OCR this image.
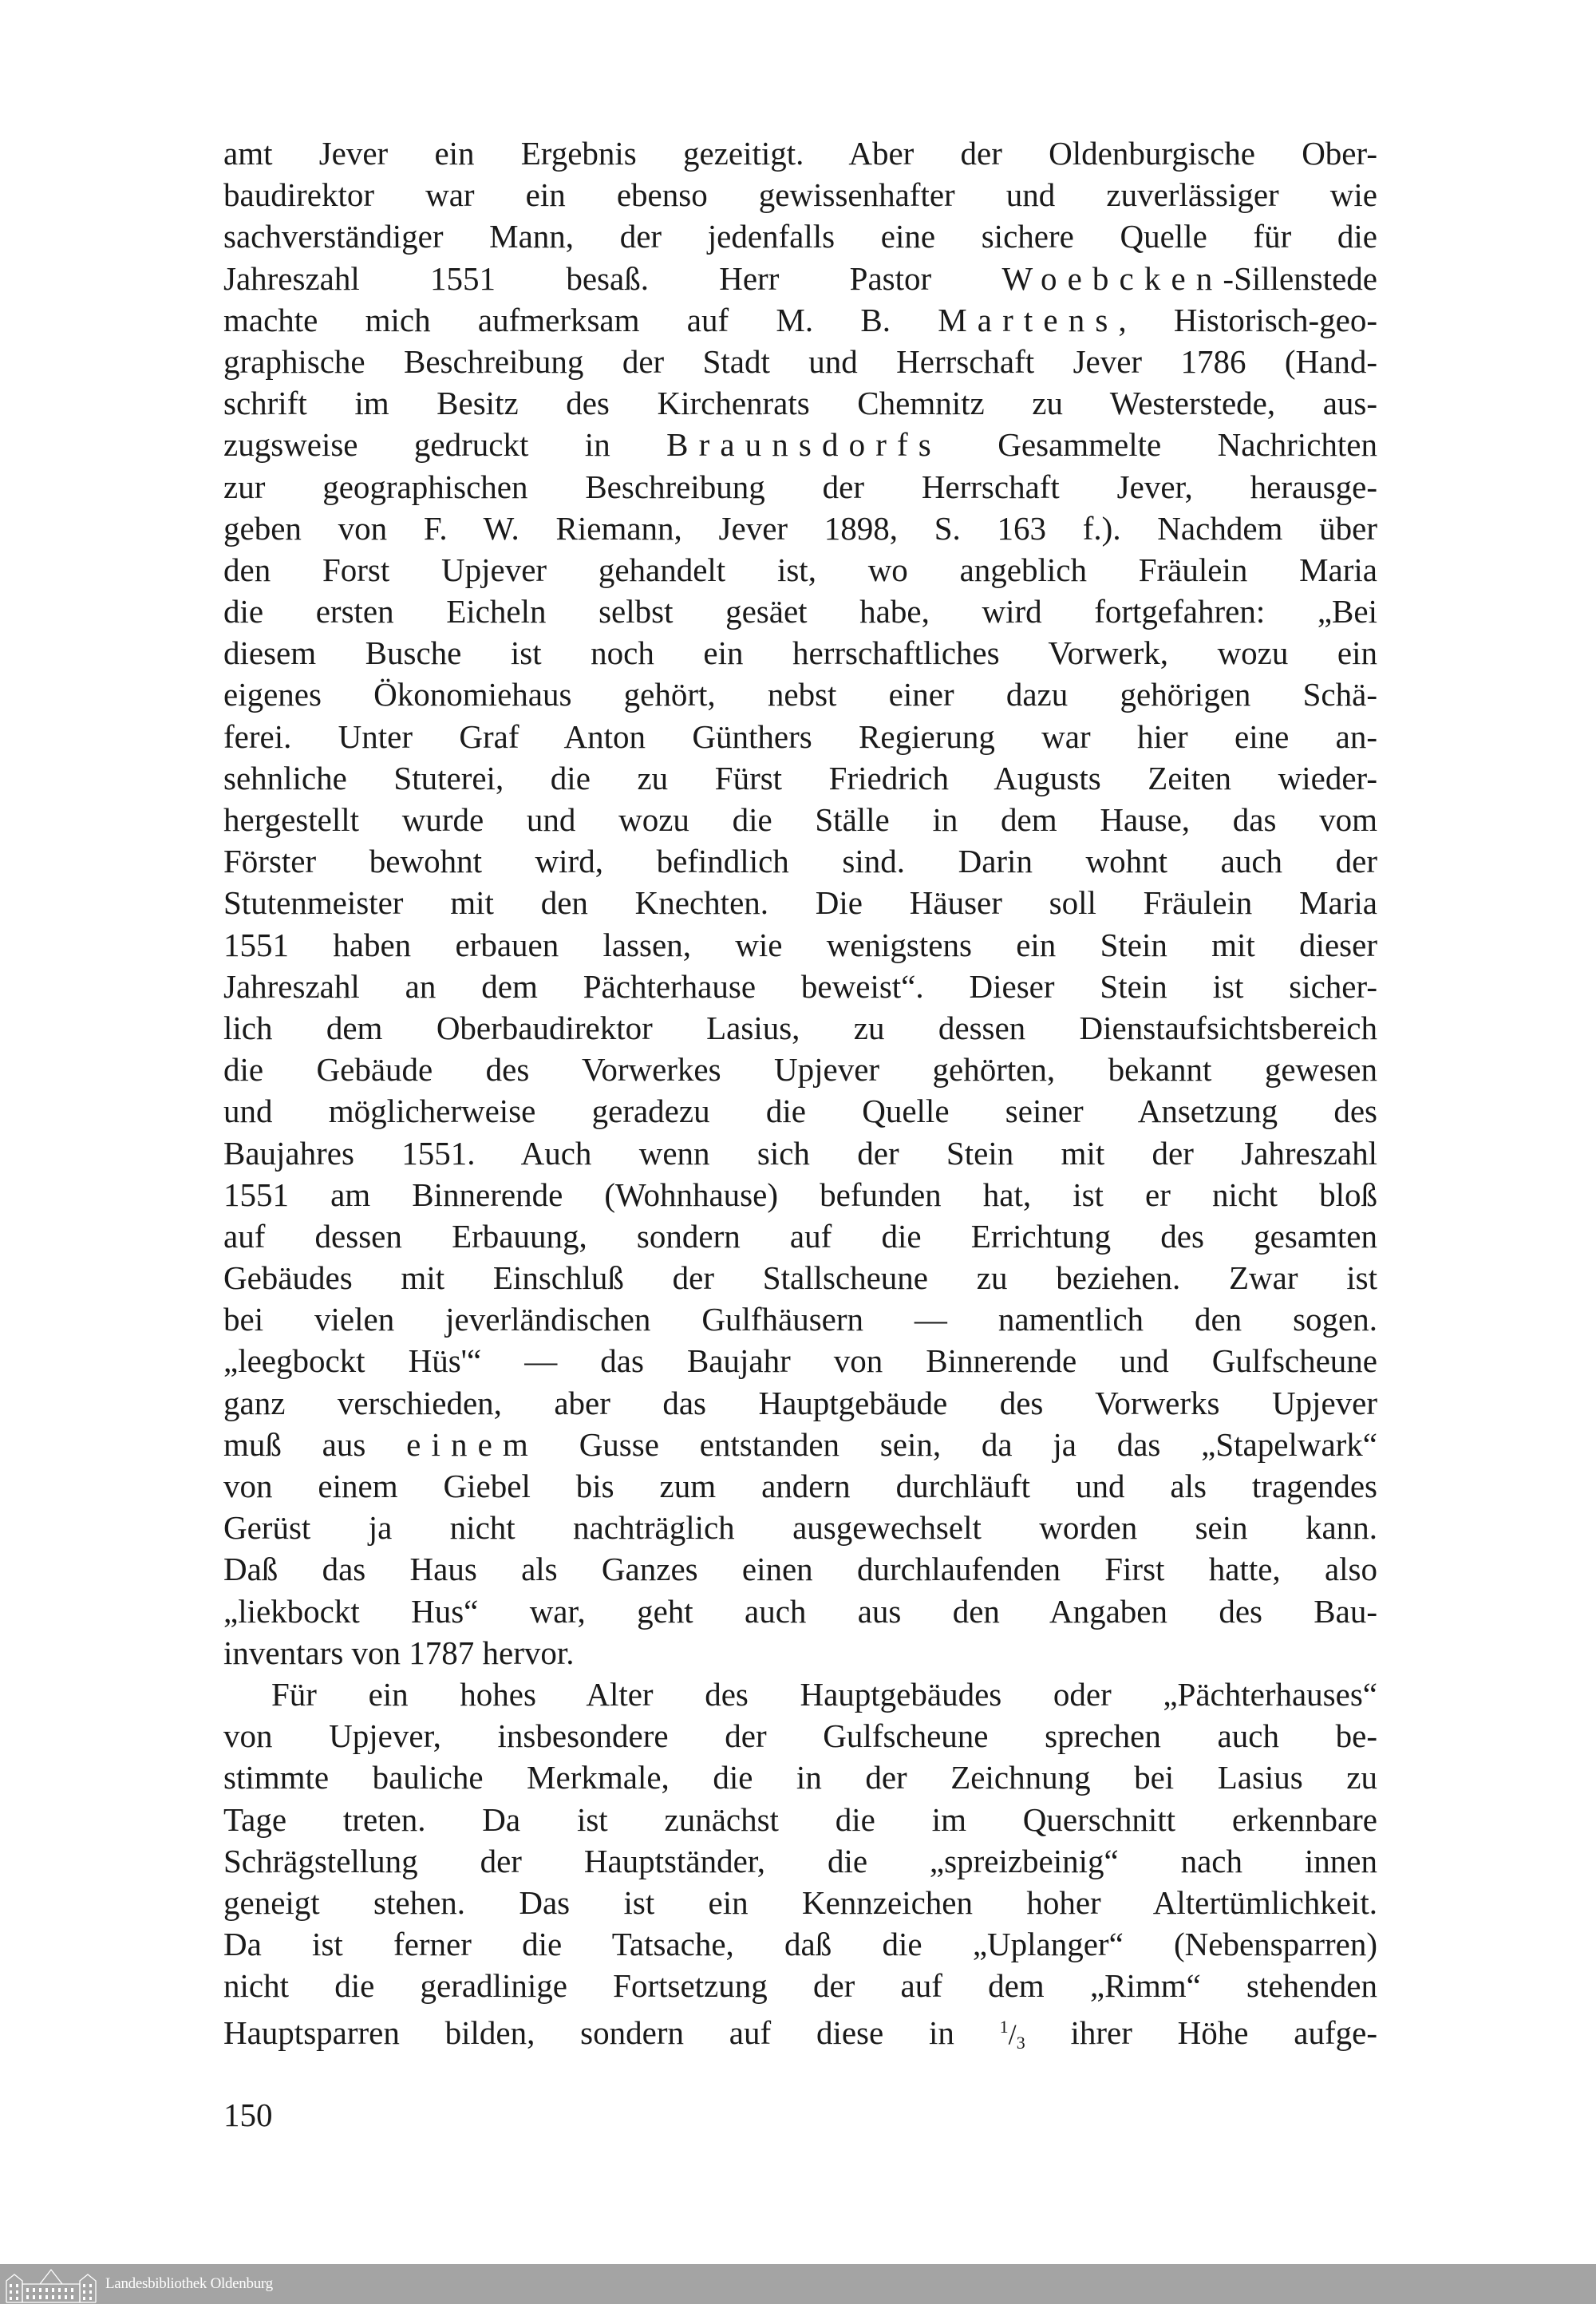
amt Jever ein Ergebnis gezeitigt. Aber der Oldenburgische Ober-
baudirektor war ein ebenso gewissenhafter und zuverlässiger wie
sachverständiger Mann, der jedenfalls eine sichere Quelle für die
Jahreszahl 1551 besaß. Herr Pastor Woebcken-Sillenstede
machte mich aufmerksam auf M. B. Martens, Historisch-geo-
graphische Beschreibung der Stadt und Herrschaft Jever 1786 (Hand-
schrift im Besitz des Kirchenrats Chemnitz zu Westerstede, aus-
zugsweise gedruckt in Braunsdorfs Gesammelte Nachrichten
zur geographischen Beschreibung der Herrschaft Jever, herausge-
geben von F. W. Riemann, Jever 1898, S. 163 f.). Nachdem über
den Forst Upjever gehandelt ist, wo angeblich Fräulein Maria
die ersten Eicheln selbst gesäet habe, wird fortgefahren: „Bei
diesem Busche ist noch ein herrschaftliches Vorwerk, wozu ein
eigenes Ökonomiehaus gehört, nebst einer dazu gehörigen Schä-
ferei. Unter Graf Anton Günthers Regierung war hier eine an-
sehnliche Stuterei, die zu Fürst Friedrich Augusts Zeiten wieder-
hergestellt wurde und wozu die Ställe in dem Hause, das vom
Förster bewohnt wird, befindlich sind. Darin wohnt auch der
Stutenmeister mit den Knechten. Die Häuser soll Fräulein Maria
1551 haben erbauen lassen, wie wenigstens ein Stein mit dieser
Jahreszahl an dem Pächterhause beweist“. Dieser Stein ist sicher-
lich dem Oberbaudirektor Lasius, zu dessen Dienstaufsichtsbereich
die Gebäude des Vorwerkes Upjever gehörten, bekannt gewesen
und möglicherweise geradezu die Quelle seiner Ansetzung des
Baujahres 1551. Auch wenn sich der Stein mit der Jahreszahl
1551 am Binnerende (Wohnhause) befunden hat, ist er nicht bloß
auf dessen Erbauung, sondern auf die Errichtung des gesamten
Gebäudes mit Einschluß der Stallscheune zu beziehen. Zwar ist
bei vielen jeverländischen Gulfhäusern — namentlich den sogen.
„leegbockt Hüs'“ — das Baujahr von Binnerende und Gulfscheune
ganz verschieden, aber das Hauptgebäude des Vorwerks Upjever
muß aus einem Gusse entstanden sein, da ja das „Stapelwark“
von einem Giebel bis zum andern durchläuft und als tragendes
Gerüst ja nicht nachträglich ausgewechselt worden sein kann.
Daß das Haus als Ganzes einen durchlaufenden First hatte, also
„liekbockt Hus“ war, geht auch aus den Angaben des Bau-
inventars von 1787 hervor.
Für ein hohes Alter des Hauptgebäudes oder „Pächterhauses“
von Upjever, insbesondere der Gulfscheune sprechen auch be-
stimmte bauliche Merkmale, die in der Zeichnung bei Lasius zu
Tage treten. Da ist zunächst die im Querschnitt erkennbare
Schrägstellung der Hauptständer, die „spreizbeinig“ nach innen
geneigt stehen. Das ist ein Kennzeichen hoher Altertümlichkeit.
Da ist ferner die Tatsache, daß die „Uplanger“ (Nebensparren)
nicht die geradlinige Fortsetzung der auf dem „Rimm“ stehenden
Hauptsparren bilden, sondern auf diese in $^1/_3$ ihrer Höhe aufge-
150
Landesbibliothek Oldenburg
